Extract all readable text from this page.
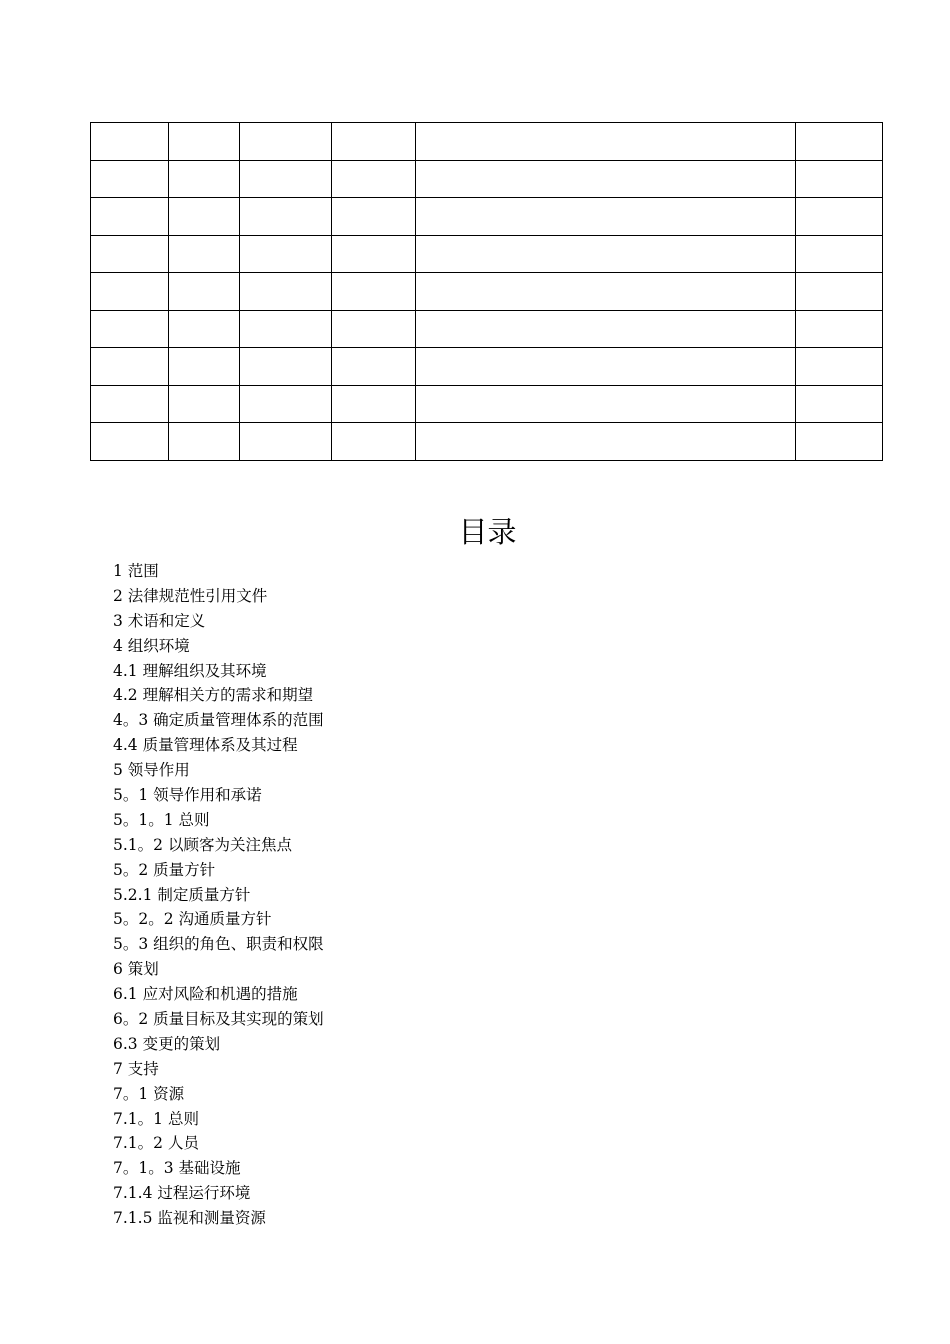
目录
1 范围
2 法律规范性引用文件
3 术语和定义
4 组织环境
4.1 理解组织及其环境
4.2 理解相关方的需求和期望
4。3 确定质量管理体系的范围
4.4 质量管理体系及其过程
5 领导作用
5。1 领导作用和承诺
5。1。1 总则
5.1。2 以顾客为关注焦点
5。2 质量方针
5.2.1 制定质量方针
5。2。2 沟通质量方针
5。3 组织的角色、职责和权限
6 策划
6.1 应对风险和机遇的措施
6。2 质量目标及其实现的策划
6.3 变更的策划
7 支持
7。1 资源
7.1。1 总则
7.1。2 人员
7。1。3 基础设施
7.1.4 过程运行环境
7.1.5 监视和测量资源
